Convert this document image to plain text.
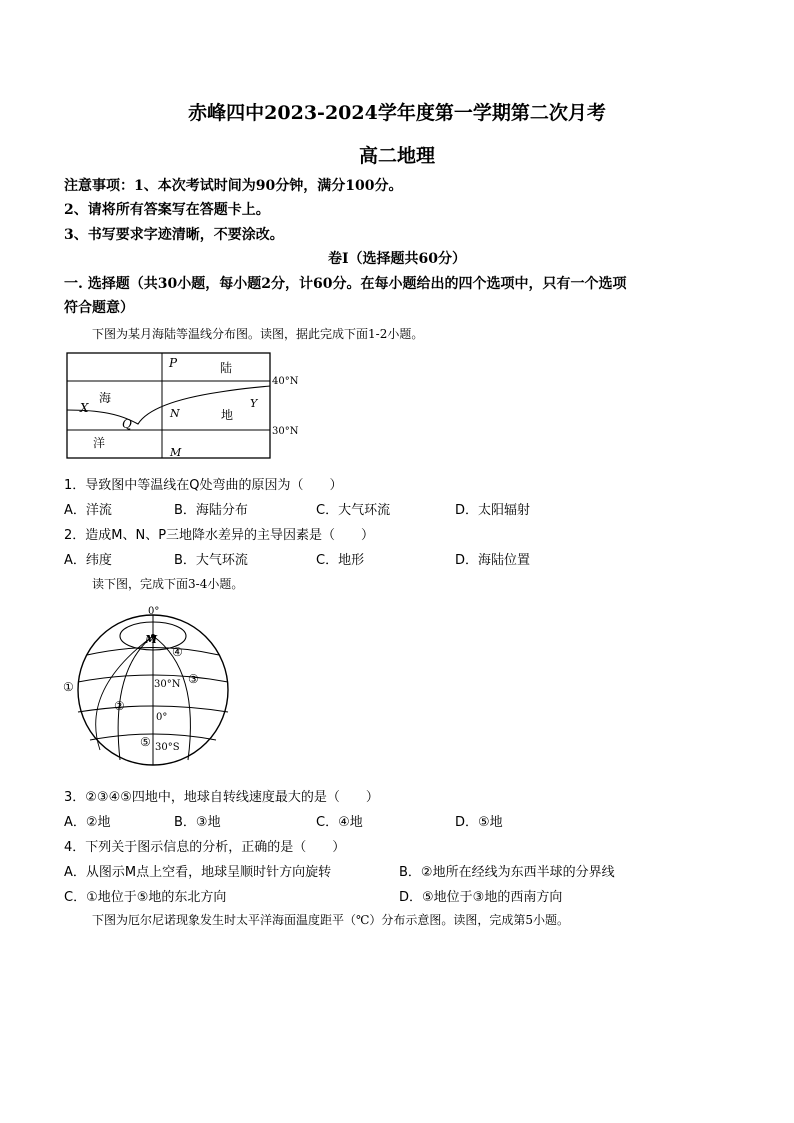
赤峰四中2023-2024学年度第一学期第二次月考
高二地理
注意事项：1、本次考试时间为90分钟，满分100分。
2、请将所有答案写在答题卡上。
3、书写要求字迹清晰，不要涂改。
卷Ⅰ（选择题共60分）
一. 选择题（共30小题，每小题2分，计60分。在每小题给出的四个选项中，只有一个选项
符合题意）
下图为某月海陆等温线分布图。读图，据此完成下面1-2小题。
P	陆
海
X
Q
N	地
Y
洋
M
40°N
30°N
1．导致图中等温线在Q处弯曲的原因为（　　）
A．洋流	B．海陆分布	C．大气环流	D．太阳辐射
2．造成M、N、P三地降水差异的主导因素是（　　）
A．纬度	B．大气环流	C．地形	D．海陆位置
读下图，完成下面3-4小题。
0°
M
④
①	30°N ③
②
0°
⑤ 30°S
3．②③④⑤四地中，地球自转线速度最大的是（　　）
A．②地	B．③地	C．④地	D．⑤地
4．下列关于图示信息的分析，正确的是（　　）
A．从图示M点上空看，地球呈顺时针方向旋转	B．②地所在经线为东西半球的分界线
C．①地位于⑤地的东北方向	D．⑤地位于③地的西南方向
下图为厄尔尼诺现象发生时太平洋海面温度距平（℃）分布示意图。读图，完成第5小题。
